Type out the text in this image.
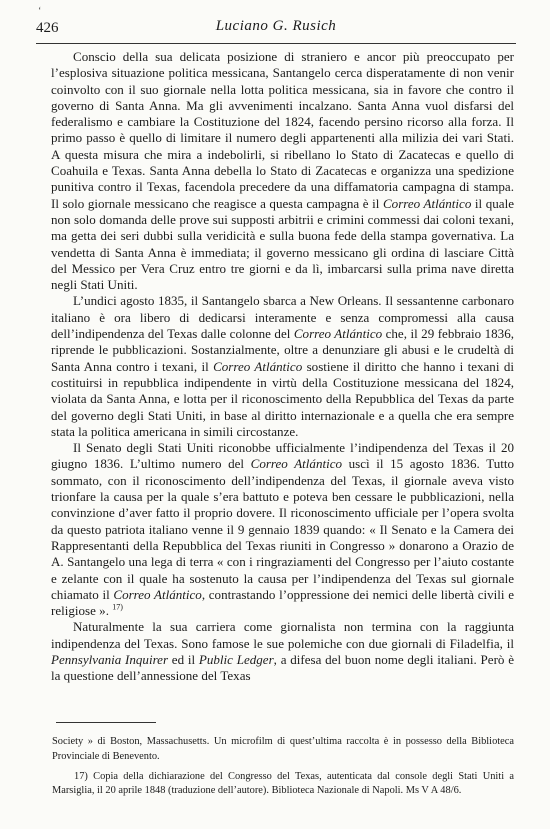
‘
426	Luciano G. Rusich

Conscio della sua delicata posizione di straniero e ancor più preoccupato per l’esplosiva situazione politica messicana, Santangelo cerca disperatamente di non venir coinvolto con il suo giornale nella lotta politica messicana, sia in favore che contro il governo di Santa Anna. Ma gli avvenimenti incalzano. Santa Anna vuol disfarsi del federalismo e cambiare la Costituzione del 1824, facendo persino ricorso alla forza. Il primo passo è quello di limitare il numero degli appartenenti alla milizia dei vari Stati. A questa misura che mira a indebolirli, si ribellano lo Stato di Zacatecas e quello di Coahuila e Texas. Santa Anna debella lo Stato di Zacatecas e organizza una spedizione punitiva contro il Texas, facendola precedere da una diffamatoria campagna di stampa. Il solo giornale messicano che reagisce a questa campagna è il Correo Atlántico il quale non solo domanda delle prove sui supposti arbitrii e crimini commessi dai coloni texani, ma getta dei seri dubbi sulla veridicità e sulla buona fede della stampa governativa. La vendetta di Santa Anna è immediata; il governo messicano gli ordina di lasciare Città del Messico per Vera Cruz entro tre giorni e da lì, imbarcarsi sulla prima nave diretta negli Stati Uniti.

L’undici agosto 1835, il Santangelo sbarca a New Orleans. Il sessantenne carbonaro italiano è ora libero di dedicarsi interamente e senza compromessi alla causa dell’indipendenza del Texas dalle colonne del Correo Atlántico che, il 29 febbraio 1836, riprende le pubblicazioni. Sostanzialmente, oltre a denunziare gli abusi e le crudeltà di Santa Anna contro i texani, il Correo Atlántico sostiene il diritto che hanno i texani di costituirsi in repubblica indipendente in virtù della Costituzione messicana del 1824, violata da Santa Anna, e lotta per il riconoscimento della Repubblica del Texas da parte del governo degli Stati Uniti, in base al diritto internazionale e a quella che era sempre stata la politica americana in simili circostanze.

Il Senato degli Stati Uniti riconobbe ufficialmente l’indipendenza del Texas il 20 giugno 1836. L’ultimo numero del Correo Atlántico uscì il 15 agosto 1836. Tutto sommato, con il riconoscimento dell’indipendenza del Texas, il giornale aveva visto trionfare la causa per la quale s’era battuto e poteva ben cessare le pubblicazioni, nella convinzione d’aver fatto il proprio dovere. Il riconoscimento ufficiale per l’opera svolta da questo patriota italiano venne il 9 gennaio 1839 quando: « Il Senato e la Camera dei Rappresentanti della Repubblica del Texas riuniti in Congresso » donarono a Orazio de A. Santangelo una lega di terra « con i ringraziamenti del Congresso per l’aiuto costante e zelante con il quale ha sostenuto la causa per l’indipendenza del Texas sul giornale chiamato il Correo Atlántico, contrastando l’oppressione dei nemici delle libertà civili e religiose ». $^{17)}$

Naturalmente la sua carriera come giornalista non termina con la raggiunta indipendenza del Texas. Sono famose le sue polemiche con due giornali di Filadelfia, il Pennsylvania Inquirer ed il Public Ledger, a difesa del buon nome degli italiani. Però è la questione dell’annessione del Texas

Society » di Boston, Massachusetts. Un microfilm di quest’ultima raccolta è in possesso della Biblioteca Provinciale di Benevento.

17) Copia della dichiarazione del Congresso del Texas, autenticata dal console degli Stati Uniti a Marsiglia, il 20 aprile 1848 (traduzione dell’autore). Biblioteca Nazionale di Napoli. Ms V A 48/6.
